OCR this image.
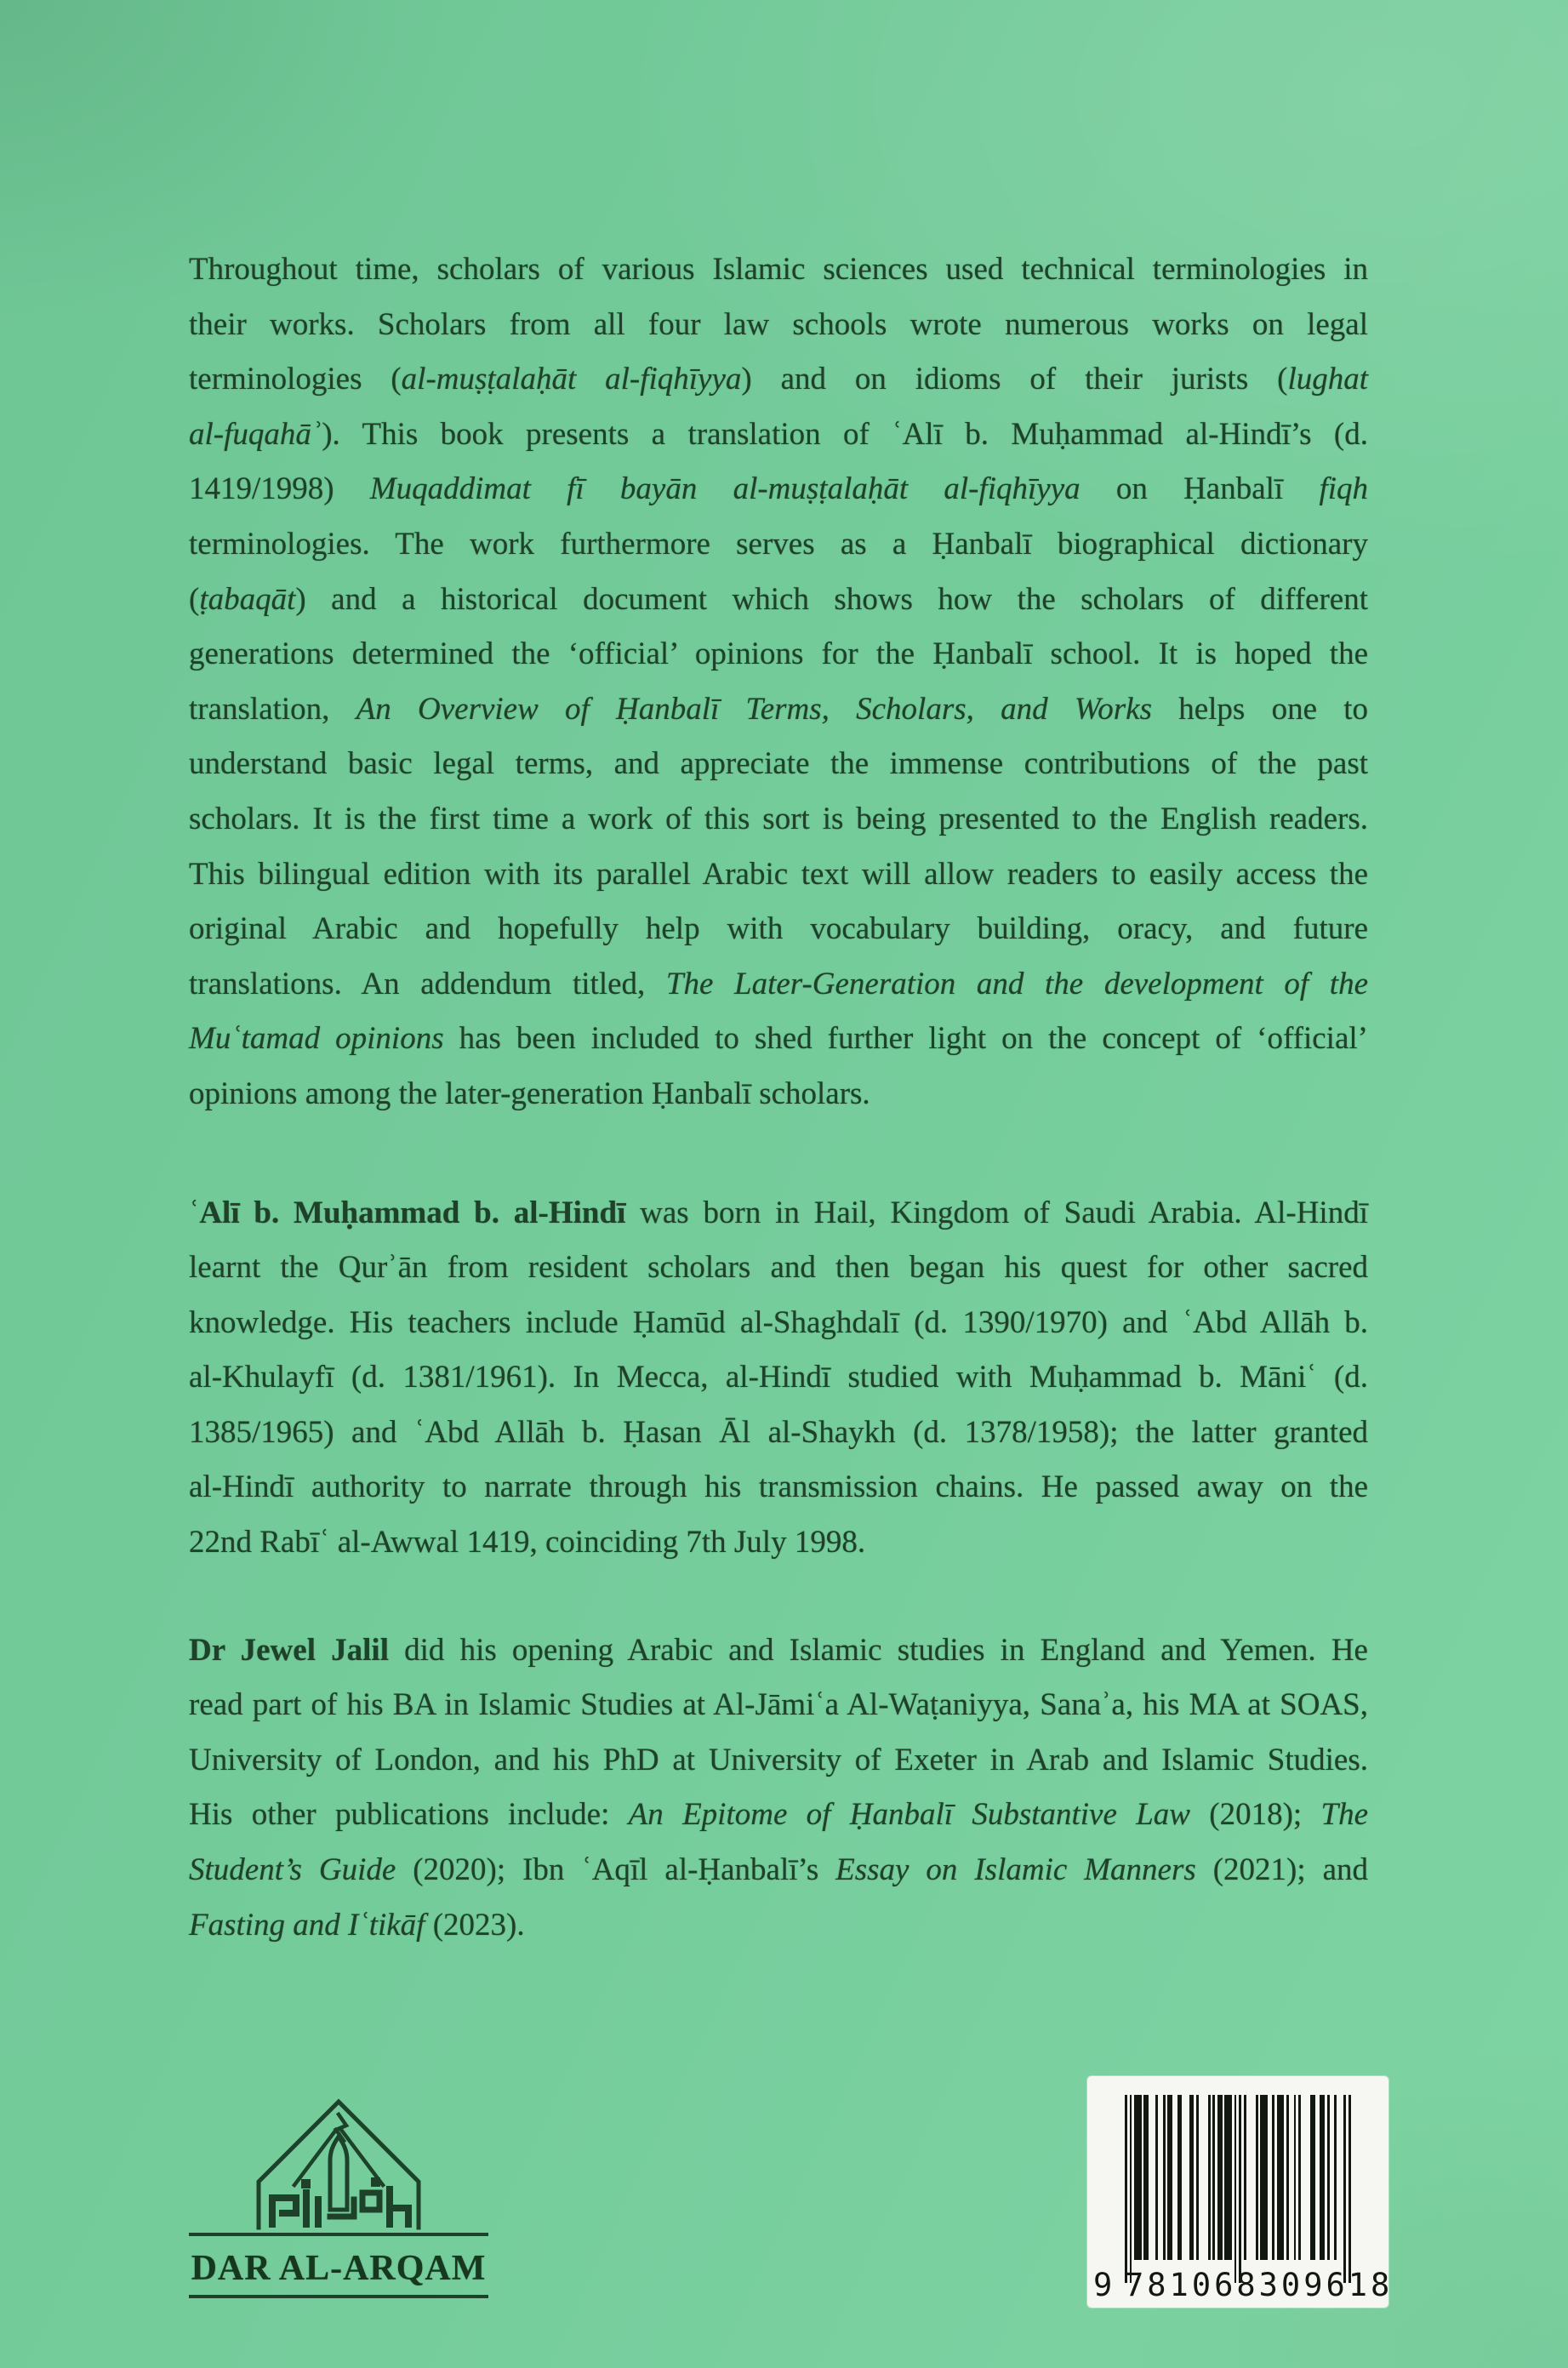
Throughout time, scholars of various Islamic sciences used technical terminologies in
their works. Scholars from all four law schools wrote numerous works on legal
terminologies (al-muṣṭalaḥāt al-fiqhīyya) and on idioms of their jurists (lughat
al-fuqahāʾ). This book presents a translation of ʿAlī b. Muḥammad al-Hindī’s (d.
1419/1998) Muqaddimat fī bayān al-muṣṭalaḥāt al-fiqhīyya on Ḥanbalī fiqh
terminologies. The work furthermore serves as a Ḥanbalī biographical dictionary
(ṭabaqāt) and a historical document which shows how the scholars of different
generations determined the ‘official’ opinions for the Ḥanbalī school. It is hoped the
translation, An Overview of Ḥanbalī Terms, Scholars, and Works helps one to
understand basic legal terms, and appreciate the immense contributions of the past
scholars. It is the first time a work of this sort is being presented to the English readers.
This bilingual edition with its parallel Arabic text will allow readers to easily access the
original Arabic and hopefully help with vocabulary building, oracy, and future
translations. An addendum titled, The Later-Generation and the development of the
Muʿtamad opinions has been included to shed further light on the concept of ‘official’
opinions among the later-generation Ḥanbalī scholars.
ʿAlī b. Muḥammad b. al-Hindī was born in Hail, Kingdom of Saudi Arabia. Al-Hindī
learnt the Qurʾān from resident scholars and then began his quest for other sacred
knowledge. His teachers include Ḥamūd al-Shaghdalī (d. 1390/1970) and ʿAbd Allāh b.
al-Khulayfī (d. 1381/1961). In Mecca, al-Hindī studied with Muḥammad b. Māniʿ (d.
1385/1965) and ʿAbd Allāh b. Ḥasan Āl al-Shaykh (d. 1378/1958); the latter granted
al-Hindī authority to narrate through his transmission chains. He passed away on the
22nd Rabīʿ al-Awwal 1419, coinciding 7th July 1998.
Dr Jewel Jalil did his opening Arabic and Islamic studies in England and Yemen. He
read part of his BA in Islamic Studies at Al-Jāmiʿa Al-Waṭaniyya, Sanaʾa, his MA at SOAS,
University of London, and his PhD at University of Exeter in Arab and Islamic Studies.
His other publications include: An Epitome of Ḥanbalī Substantive Law (2018); The
Student’s Guide (2020); Ibn ʿAqīl al-Ḥanbalī’s Essay on Islamic Manners (2021); and
Fasting and Iʿtikāf (2023).
DAR AL-ARQAM	9 781068 309618
